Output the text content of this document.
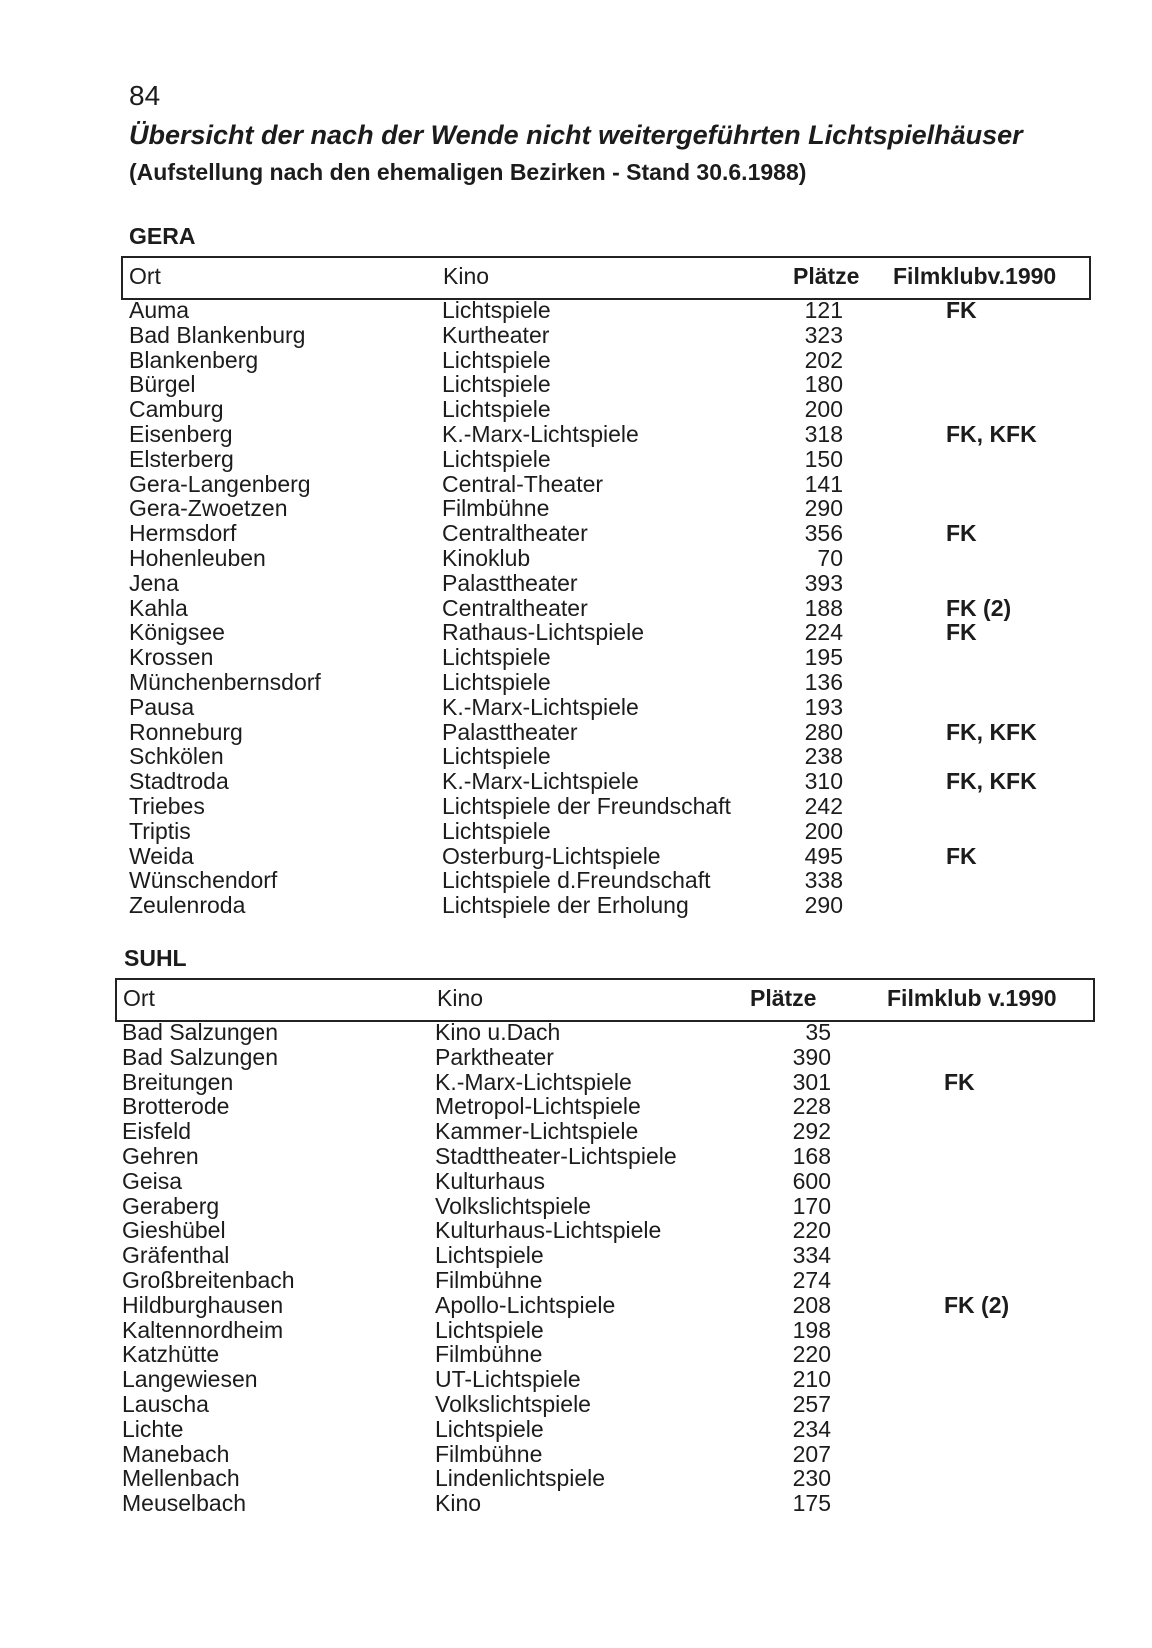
84
Übersicht der nach der Wende nicht weitergeführten Lichtspielhäuser
(Aufstellung nach den ehemaligen Bezirken - Stand 30.6.1988)
GERA
Ort	Kino	Plätze Filmklubv.1990
Auma	Lichtspiele	121	FK
Bad Blankenburg	Kurtheater	323
Blankenberg	Lichtspiele	202
Bürgel	Lichtspiele	180
Camburg	Lichtspiele	200
Eisenberg	K.-Marx-Lichtspiele	318	FK, KFK
Elsterberg	Lichtspiele	150
Gera-Langenberg	Central-Theater	141
Gera-Zwoetzen	Filmbühne	290
Hermsdorf	Centraltheater	356	FK
Hohenleuben	Kinoklub	70
Jena	Palasttheater	393
Kahla	Centraltheater	188	FK (2)
Königsee	Rathaus-Lichtspiele	224	FK
Krossen	Lichtspiele	195
Münchenbernsdorf	Lichtspiele	136
Pausa	K.-Marx-Lichtspiele	193
Ronneburg	Palasttheater	280	FK, KFK
Schkölen	Lichtspiele	238
Stadtroda	K.-Marx-Lichtspiele	310	FK, KFK
Triebes	Lichtspiele der Freundschaft	242
Triptis	Lichtspiele	200
Weida	Osterburg-Lichtspiele	495	FK
Wünschendorf	Lichtspiele d.Freundschaft	338
Zeulenroda	Lichtspiele der Erholung	290
SUHL
Ort	Kino	Plätze	Filmklub v.1990
Bad Salzungen	Kino u.Dach	35
Bad Salzungen	Parktheater	390
Breitungen	K.-Marx-Lichtspiele	301	FK
Brotterode	Metropol-Lichtspiele	228
Eisfeld	Kammer-Lichtspiele	292
Gehren	Stadttheater-Lichtspiele	168
Geisa	Kulturhaus	600
Geraberg	Volkslichtspiele	170
Gieshübel	Kulturhaus-Lichtspiele	220
Gräfenthal	Lichtspiele	334
Großbreitenbach	Filmbühne	274
Hildburghausen	Apollo-Lichtspiele	208	FK (2)
Kaltennordheim	Lichtspiele	198
Katzhütte	Filmbühne	220
Langewiesen	UT-Lichtspiele	210
Lauscha	Volkslichtspiele	257
Lichte	Lichtspiele	234
Manebach	Filmbühne	207
Mellenbach	Lindenlichtspiele	230
Meuselbach	Kino	175
